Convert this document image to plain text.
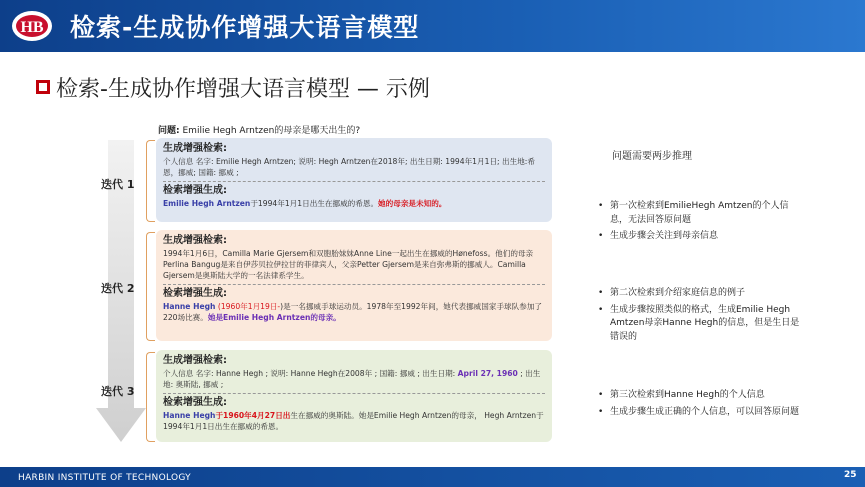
HB 检索-生成协作增强大语言模型
检索-生成协作增强大语言模型 — 示例
问题: Emilie Hegh Arntzen的母亲是哪天出生的?
迭代 1
迭代 2
迭代 3
生成增强检索:
个人信息 名字: Emilie Hegh Arntzen; 说明: Hegh Arntzen在2018年; 出生日期: 1994年1月1日; 出生地:希恩，挪威; 国籍: 挪威 ;
检索增强生成:
Emilie Hegh Arntzen于1994年1月1日出生在挪威的希恩。她的母亲是未知的。
生成增强检索:
1994年1月6日，Camilla Marie Gjersem和双胞胎妹妹Anne Line一起出生在挪威的Hønefoss。他们的母亲Perlina Bangug是来自伊莎贝拉伊拉甘的菲律宾人，父亲Petter Gjersem是来自弥弗斯的挪威人。Camilla Gjersem是奥斯陆大学的一名法律系学生。
检索增强生成:
Hanne Hegh (1960年1月19日-)是一名挪威手球运动员。1978年至1992年间，她代表挪威国家手球队参加了220场比赛。她是Emilie Hegh Arntzen的母亲。
生成增强检索:
个人信息 名字: Hanne Hegh ; 说明: Hanne Hegh在2008年 ; 国籍: 挪威 ; 出生日期: April 27, 1960 ; 出生地: 奥斯陆, 挪威 ;
检索增强生成:
Hanne Hegh于1960年4月27日出生在挪威的奥斯陆。她是Emilie Hegh Arntzen的母亲， Hegh Arntzen于1994年1月1日出生在挪威的希恩。
问题需要两步推理
• 第一次检索到EmilieHegh Amtzen的个人信息，无法回答原问题
• 生成步骤会关注到母亲信息
• 第二次检索到介绍家庭信息的例子
• 生成步骤按照类似的格式，生成Emilie Hegh Amtzen母亲Hanne Hegh的信息，但是生日是错误的
• 第三次检索到Hanne Hegh的个人信息
• 生成步骤生成正确的个人信息，可以回答原问题
HARBIN INSTITUTE OF TECHNOLOGY	25
